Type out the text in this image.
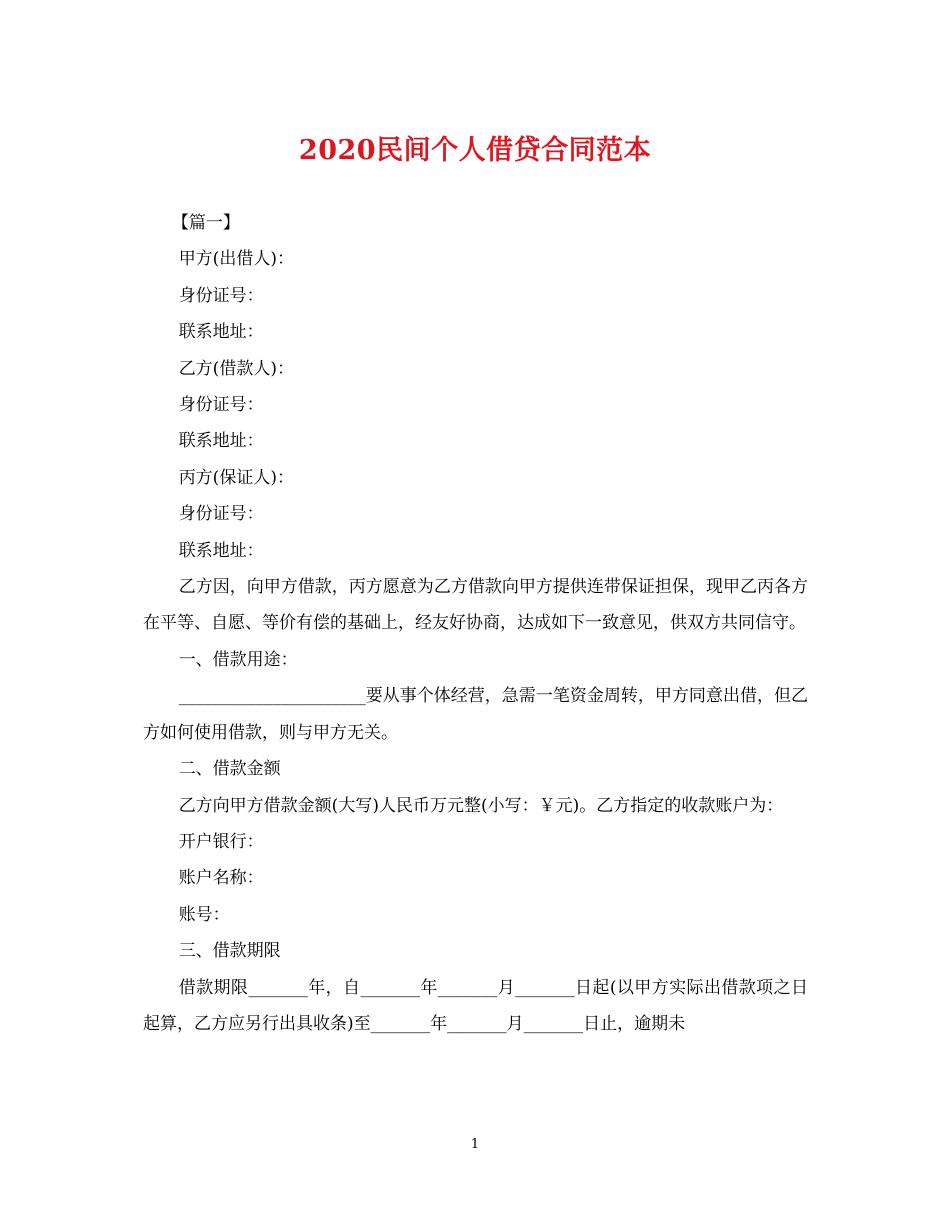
2020民间个人借贷合同范本

【篇一】

甲方(出借人)：

身份证号：

联系地址：

乙方(借款人)：

身份证号：

联系地址：

丙方(保证人)：

身份证号：

联系地址：

乙方因，向甲方借款，丙方愿意为乙方借款向甲方提供连带保证担保，现甲乙丙各方在平等、自愿、等价有偿的基础上，经友好协商，达成如下一致意见，供双方共同信守。

一、借款用途：

______________________要从事个体经营，急需一笔资金周转，甲方同意出借，但乙方如何使用借款，则与甲方无关。

二、借款金额

乙方向甲方借款金额(大写)人民币万元整(小写：￥元)。乙方指定的收款账户为：

开户银行：

账户名称：

账号：

三、借款期限

借款期限_______年，自_______年_______月_______日起(以甲方实际出借款项之日起算，乙方应另行出具收条)至_______年_______月_______日止，逾期未

1
